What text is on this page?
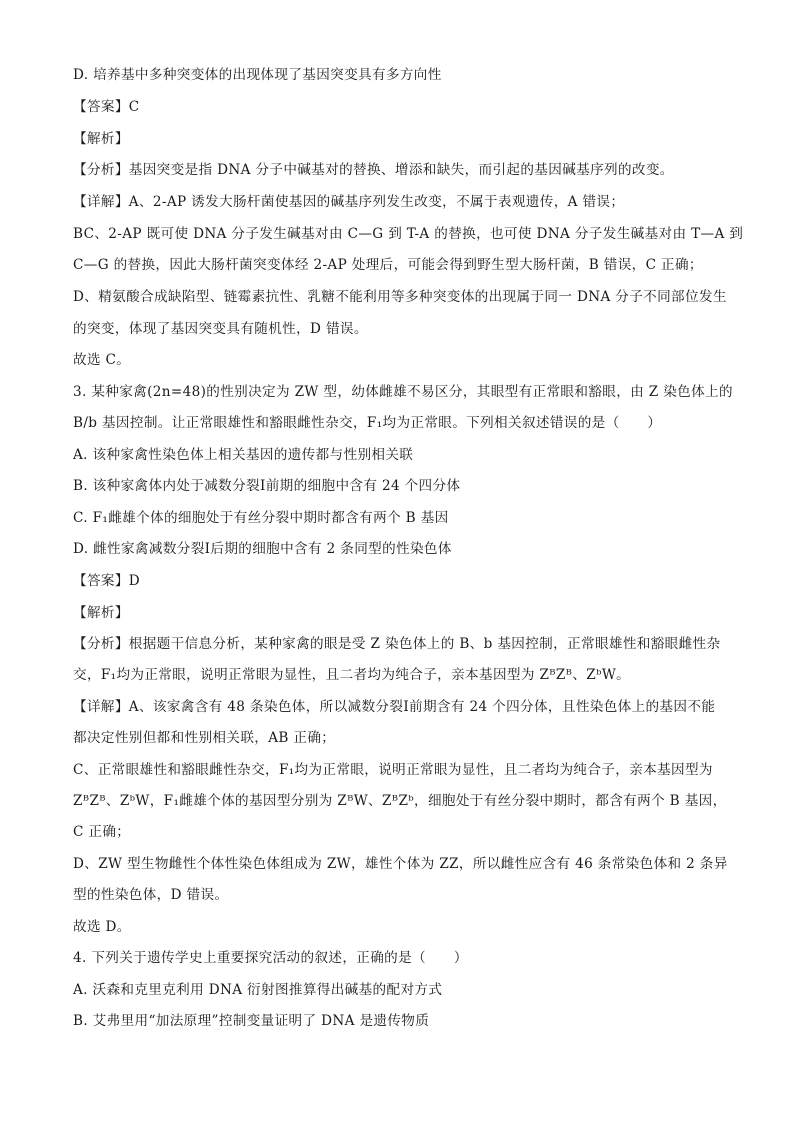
D. 培养基中多种突变体的出现体现了基因突变具有多方向性
【答案】C
【解析】
【分析】基因突变是指 DNA 分子中碱基对的替换、增添和缺失，而引起的基因碱基序列的改变。
【详解】A、2-AP 诱发大肠杆菌使基因的碱基序列发生改变，不属于表观遗传，A 错误；
BC、2-AP 既可使 DNA 分子发生碱基对由 C—G 到 T-A 的替换，也可使 DNA 分子发生碱基对由 T—A 到
C—G 的替换，因此大肠杆菌突变体经 2-AP 处理后，可能会得到野生型大肠杆菌，B 错误，C 正确；
D、精氨酸合成缺陷型、链霉素抗性、乳糖不能利用等多种突变体的出现属于同一 DNA 分子不同部位发生
的突变，体现了基因突变具有随机性，D 错误。
故选 C。
3. 某种家禽(2n=48)的性别决定为 ZW 型，幼体雌雄不易区分，其眼型有正常眼和豁眼，由 Z 染色体上的
B/b 基因控制。让正常眼雄性和豁眼雌性杂交，F₁均为正常眼。下列相关叙述错误的是（　　）
A. 该种家禽性染色体上相关基因的遗传都与性别相关联
B. 该种家禽体内处于减数分裂Ⅰ前期的细胞中含有 24 个四分体
C. F₁雌雄个体的细胞处于有丝分裂中期时都含有两个 B 基因
D. 雌性家禽减数分裂Ⅰ后期的细胞中含有 2 条同型的性染色体
【答案】D
【解析】
【分析】根据题干信息分析，某种家禽的眼是受 Z 染色体上的 B、b 基因控制，正常眼雄性和豁眼雌性杂
交，F₁均为正常眼，说明正常眼为显性，且二者均为纯合子，亲本基因型为 ZᴮZᴮ、ZᵇW。
【详解】A、该家禽含有 48 条染色体，所以减数分裂Ⅰ前期含有 24 个四分体，且性染色体上的基因不能
都决定性别但都和性别相关联，AB 正确；
C、正常眼雄性和豁眼雌性杂交，F₁均为正常眼，说明正常眼为显性，且二者均为纯合子，亲本基因型为
ZᴮZᴮ、ZᵇW，F₁雌雄个体的基因型分别为 ZᴮW、ZᴮZᵇ，细胞处于有丝分裂中期时，都含有两个 B 基因，
C 正确；
D、ZW 型生物雌性个体性染色体组成为 ZW，雄性个体为 ZZ，所以雌性应含有 46 条常染色体和 2 条异
型的性染色体，D 错误。
故选 D。
4. 下列关于遗传学史上重要探究活动的叙述，正确的是（　　）
A. 沃森和克里克利用 DNA 衍射图推算得出碱基的配对方式
B. 艾弗里用“加法原理”控制变量证明了 DNA 是遗传物质
